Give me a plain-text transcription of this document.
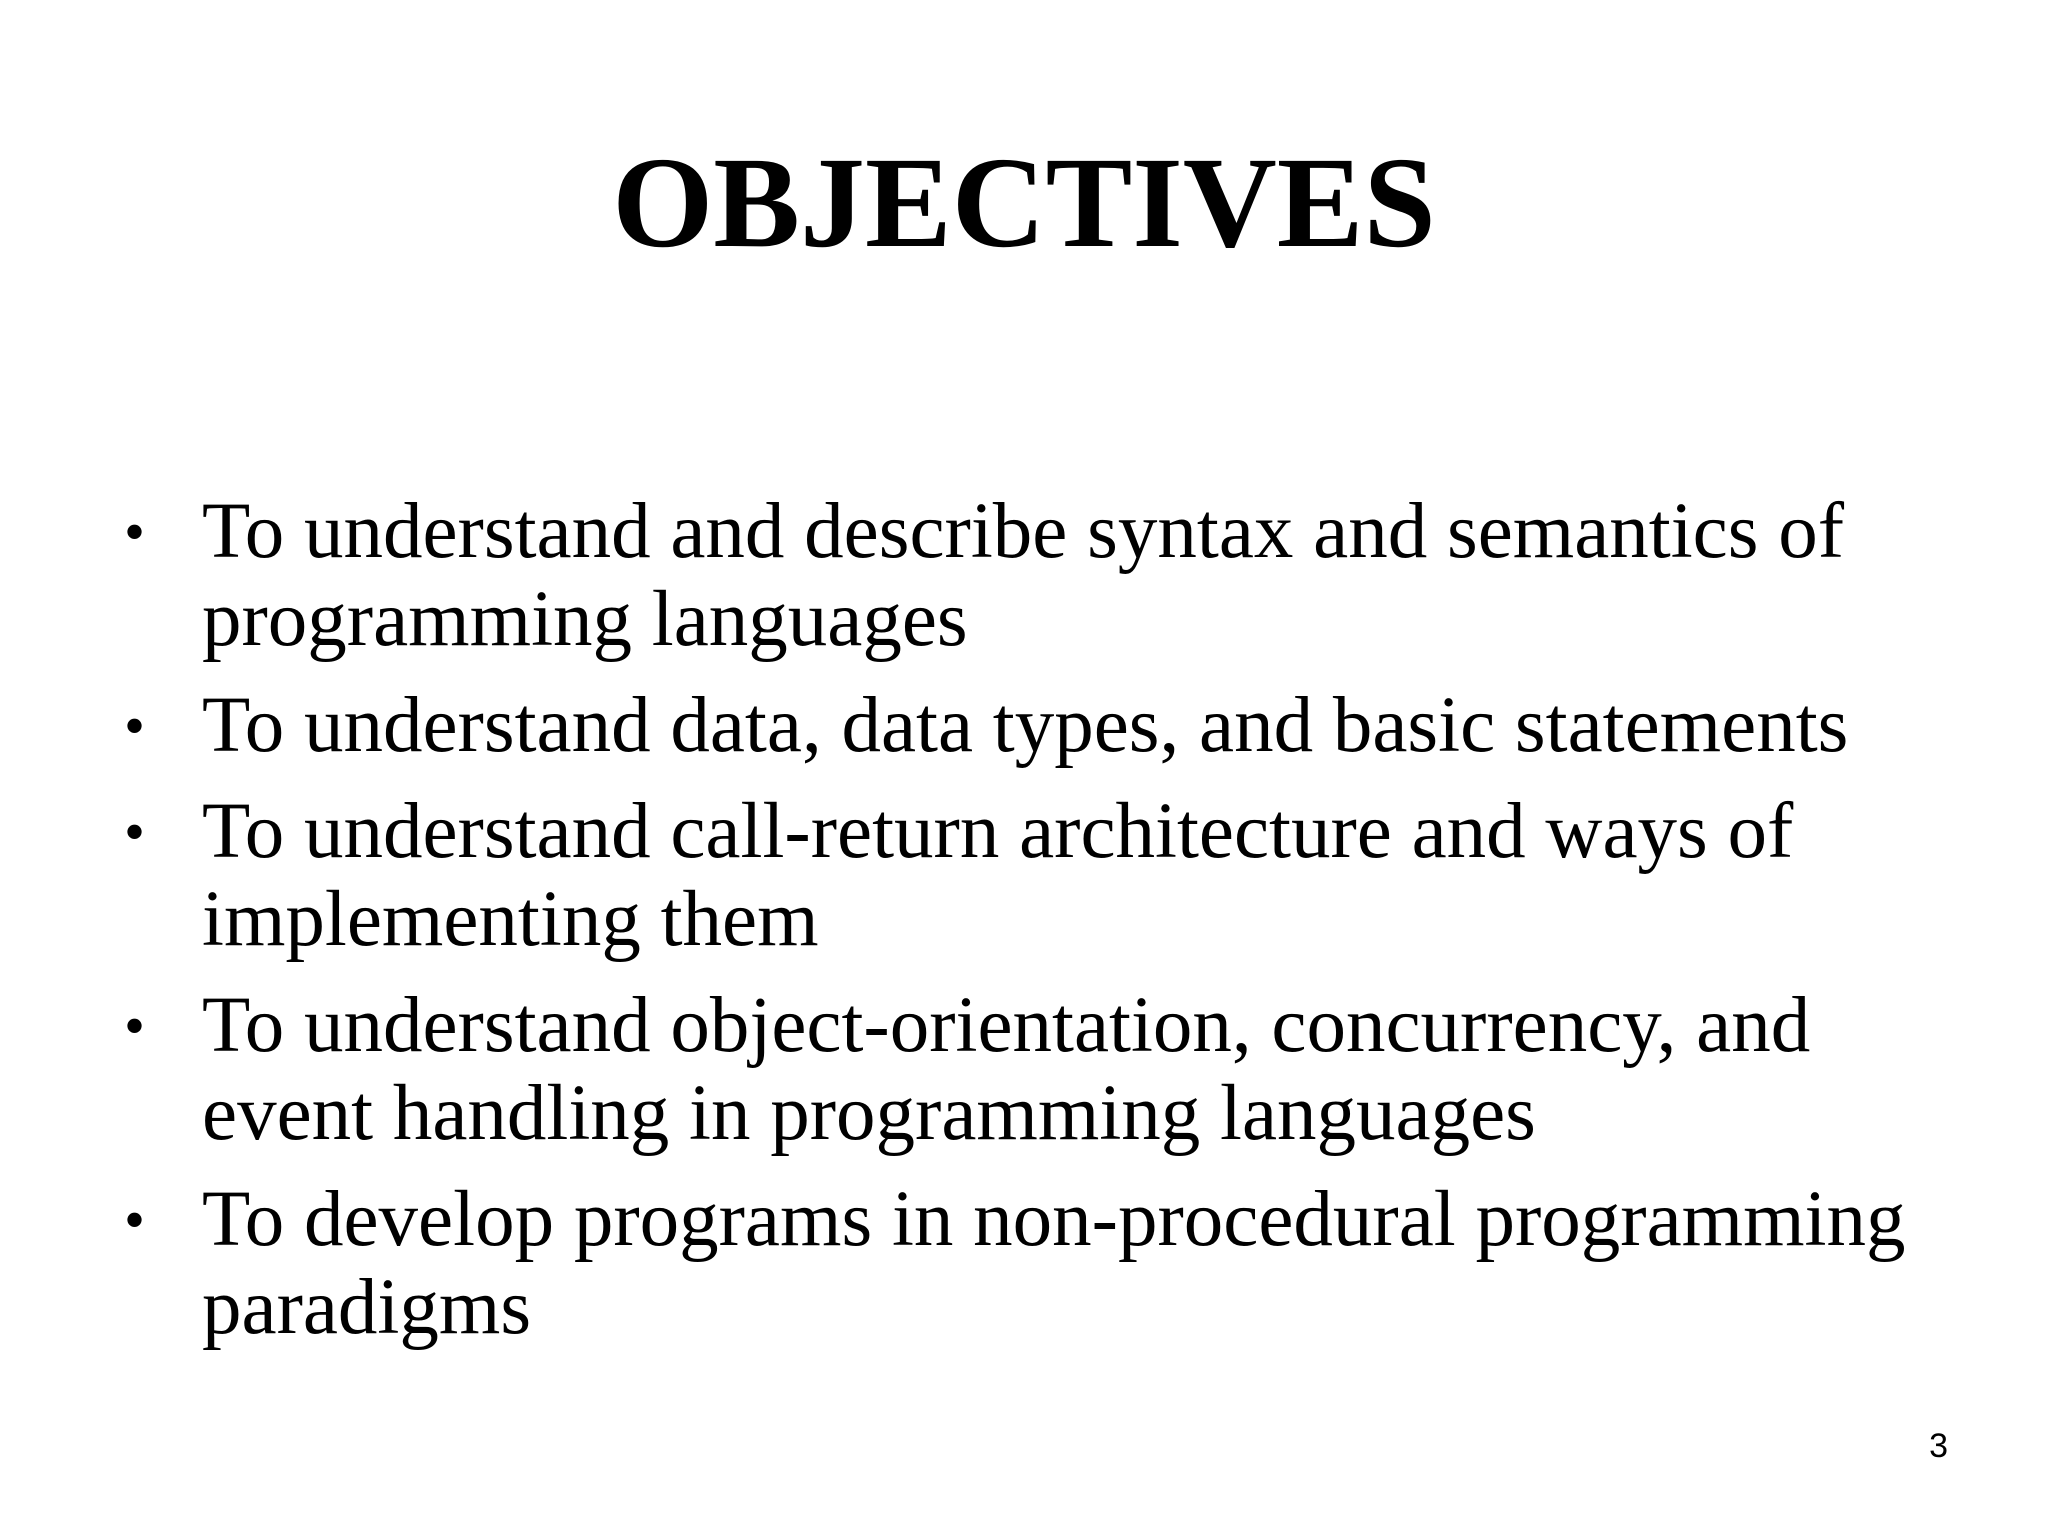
OBJECTIVES
• To understand and describe syntax and semantics of programming languages
• To understand data, data types, and basic statements
• To understand call-return architecture and ways of implementing them
• To understand object-orientation, concurrency, and event handling in programming languages
• To develop programs in non-procedural programming paradigms
3
